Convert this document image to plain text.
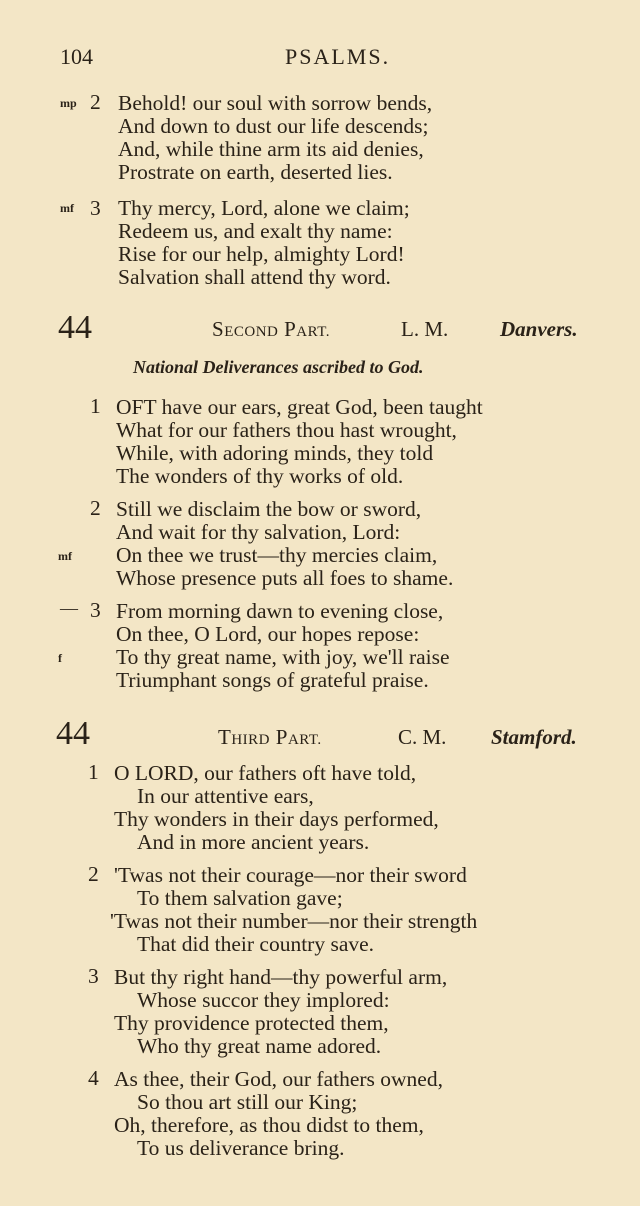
104	PSALMS.
mp 2 Behold! our soul with sorrow bends,
And down to dust our life descends;
And, while thine arm its aid denies,
Prostrate on earth, deserted lies.
mf 3 Thy mercy, Lord, alone we claim;
Redeem us, and exalt thy name:
Rise for our help, almighty Lord!
Salvation shall attend thy word.
44	SECOND PART.	L. M. Danvers.
National Deliverances ascribed to God.
1 OFT have our ears, great God, been taught
What for our fathers thou hast wrought,
While, with adoring minds, they told
The wonders of thy works of old.
2 Still we disclaim the bow or sword,
And wait for thy salvation, Lord:
mf On thee we trust—thy mercies claim,
Whose presence puts all foes to shame.
— 3 From morning dawn to evening close,
On thee, O Lord, our hopes repose:
f	To thy great name, with joy, we'll raise
Triumphant songs of grateful praise.
44	THIRD PART.	C. M. Stamford.
1 O LORD, our fathers oft have told,
In our attentive ears,
Thy wonders in their days performed,
And in more ancient years.
2 'Twas not their courage—nor their sword
To them salvation gave;
'Twas not their number—nor their strength
That did their country save.
3 But thy right hand—thy powerful arm,
Whose succor they implored:
Thy providence protected them,
Who thy great name adored.
4 As thee, their God, our fathers owned,
So thou art still our King;
Oh, therefore, as thou didst to them,
To us deliverance bring.
